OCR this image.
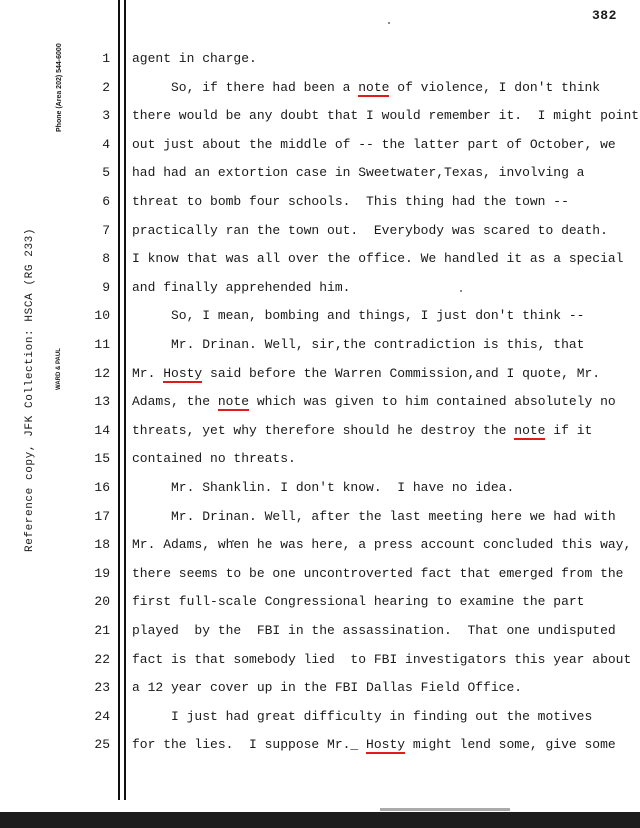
382
Phone (Area 202) 544-6000
WARD & PAUL
Reference copy, JFK Collection: HSCA (RG 233)
1 agent in charge.
2 So, if there had been a note of violence, I don't think
3 there would be any doubt that I would remember it.  I might point
4 out just about the middle of -- the latter part of October, we
5 had had an extortion case in Sweetwater,Texas, involving a
6 threat to bomb four schools.  This thing had the town --
7 practically ran the town out.  Everybody was scared to death.
8 I know that was all over the office. We handled it as a special
9 and finally apprehended him.
10 So, I mean, bombing and things, I just don't think --
11 Mr. Drinan. Well, sir,the contradiction is this, that
12 Mr. Hosty said before the Warren Commission,and I quote, Mr.
13 Adams, the note which was given to him contained absolutely no
14 threats, yet why therefore should he destroy the note if it
15 contained no threats.
16 Mr. Shanklin. I don't know.  I have no idea.
17 Mr. Drinan. Well, after the last meeting here we had with
18 Mr. Adams, when he was here, a press account concluded this way,
19 there seems to be one uncontroverted fact that emerged from the
20 first full-scale Congressional hearing to examine the part
21 played  by the  FBI in the assassination.  That one undisputed
22 fact is that somebody lied  to FBI investigators this year about
23 a 12 year cover up in the FBI Dallas Field Office.
24 I just had great difficulty in finding out the motives
25 for the lies.  I suppose Mr._ Hosty might lend some, give some
